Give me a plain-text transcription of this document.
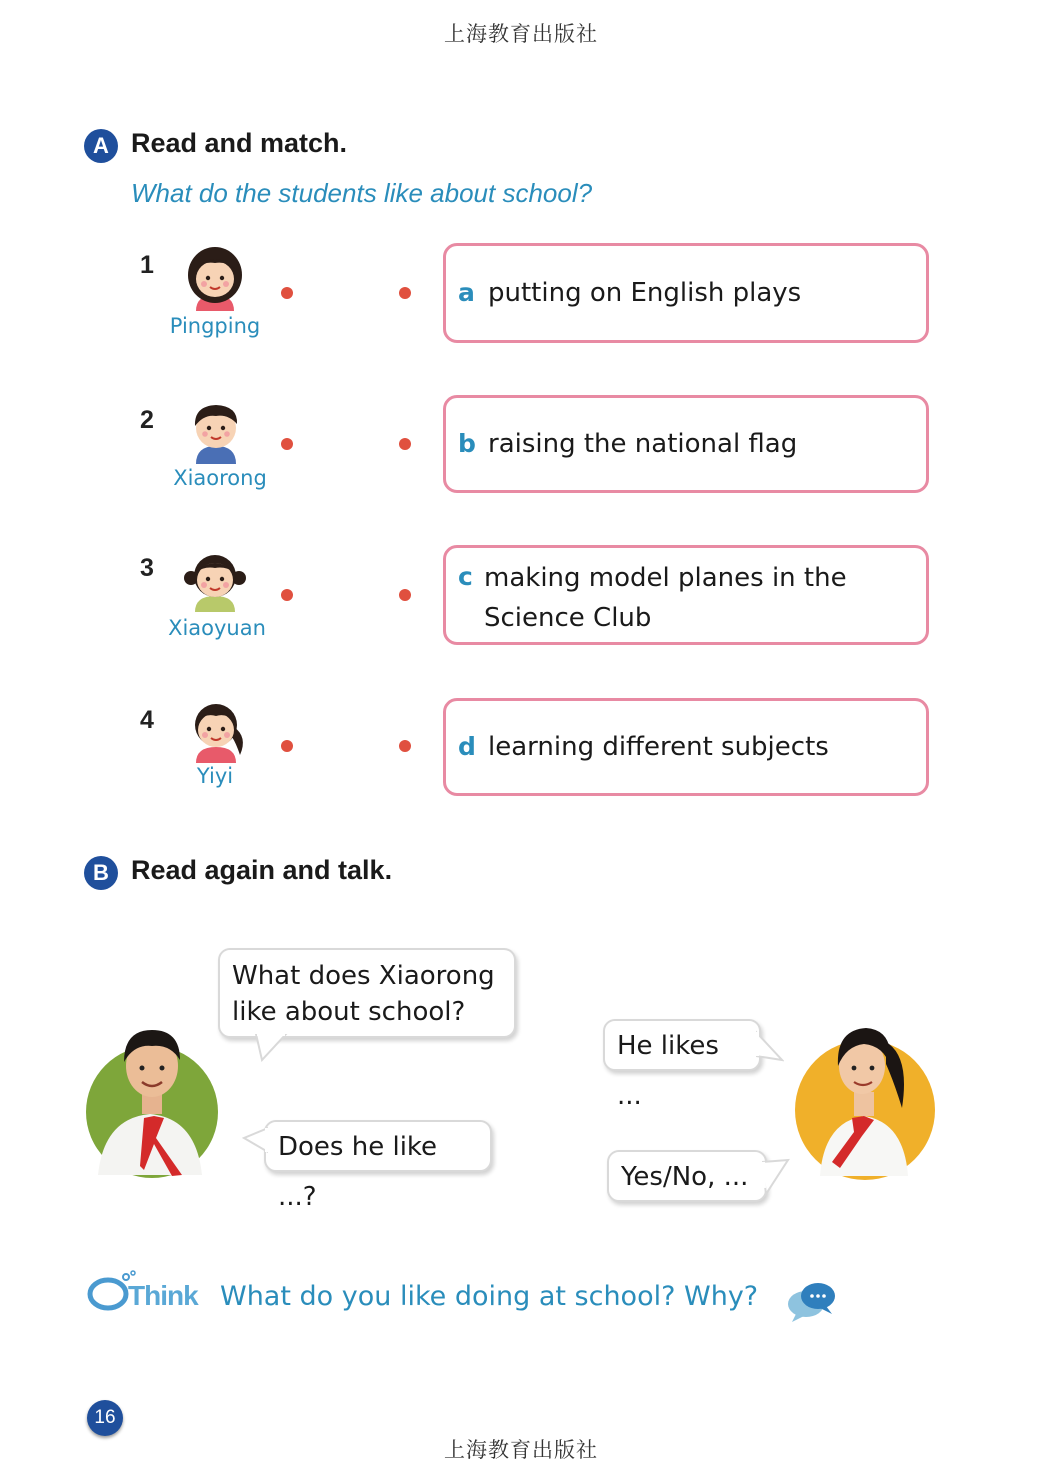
上海教育出版社
A Read and match.
What do the students like about school?
1
Pingping
2
Xiaorong
3
Xiaoyuan
4
Yiyi
a putting on English plays
b raising the national flag
c making model planes in the
Science Club
d learning different subjects
B Read again and talk.
What does Xiaorong
like about school?
Does he like ...?
He likes ...
Yes/No, ...
Think What do you like doing at school? Why?
16
上海教育出版社
